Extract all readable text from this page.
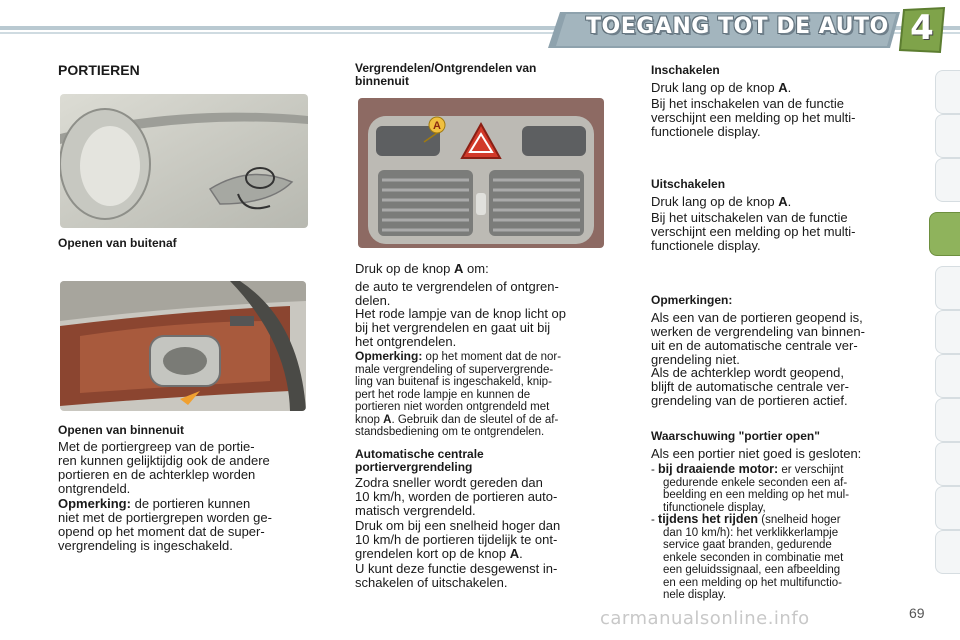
TOEGANG TOT DE AUTO 4
PORTIEREN
Openen van buitenaf
Openen van binnenuit
Met de portiergreep van de portie-
ren kunnen gelijktijdig ook de andere
portieren en de achterklep worden
ontgrendeld.
Opmerking: de portieren kunnen
niet met de portiergrepen worden ge-
opend op het moment dat de super-
vergrendeling is ingeschakeld.
Vergrendelen/Ontgrendelen van
binnenuit
A
Druk op de knop A om:
de auto te vergrendelen of ontgren-
delen.
Het rode lampje van de knop licht op
bij het vergrendelen en gaat uit bij
het ontgrendelen.
Opmerking: op het moment dat de nor-
male vergrendeling of supervergrende-
ling van buitenaf is ingeschakeld, knip-
pert het rode lampje en kunnen de
portieren niet worden ontgrendeld met
knop A. Gebruik dan de sleutel of de af-
standsbediening om te ontgrendelen.
Automatische centrale
portiervergrendeling
Zodra sneller wordt gereden dan
10 km/h, worden de portieren auto-
matisch vergrendeld.
Druk om bij een snelheid hoger dan
10 km/h de portieren tijdelijk te ont-
grendelen kort op de knop A.
U kunt deze functie desgewenst in-
schakelen of uitschakelen.
Inschakelen
Druk lang op de knop A.
Bij het inschakelen van de functie
verschijnt een melding op het multi-
functionele display.
Uitschakelen
Druk lang op de knop A.
Bij het uitschakelen van de functie
verschijnt een melding op het multi-
functionele display.
Opmerkingen:
Als een van de portieren geopend is,
werken de vergrendeling van binnen-
uit en de automatische centrale ver-
grendeling niet.
Als de achterklep wordt geopend,
blijft de automatische centrale ver-
grendeling van de portieren actief.
Waarschuwing "portier open"
Als een portier niet goed is gesloten:
- bij draaiende motor: er verschijnt
gedurende enkele seconden een af-
beelding en een melding op het mul-
tifunctionele display,
- tijdens het rijden (snelheid hoger
dan 10 km/h): het verklikkerlampje
service gaat branden, gedurende
enkele seconden in combinatie met
een geluidssignaal, een afbeelding
en een melding op het multifunctio-
nele display.
carmanualsonline.info	69
